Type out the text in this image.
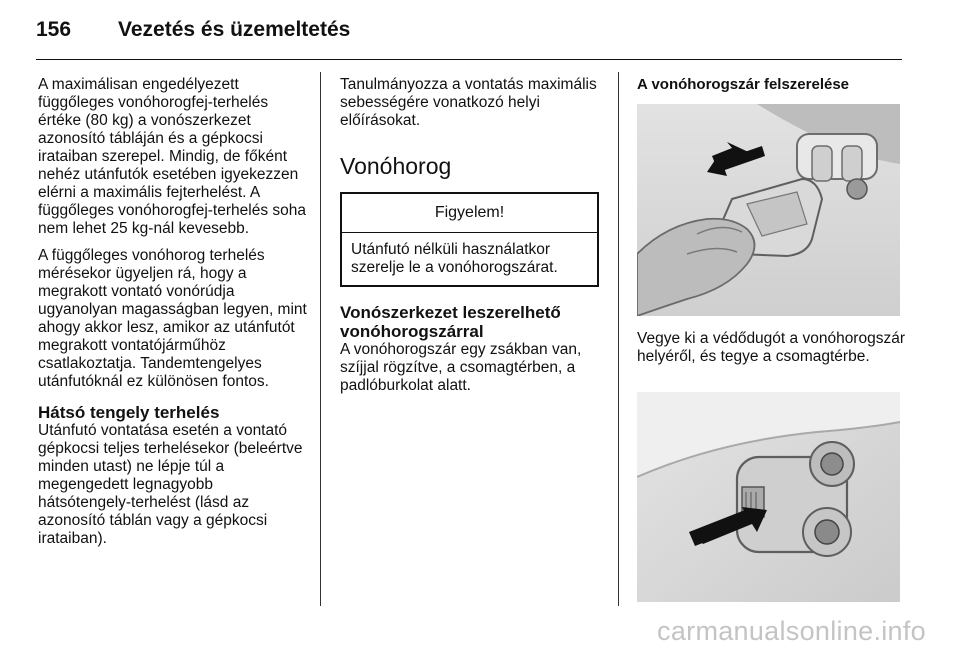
156 Vezetés és üzemeltetés

A maximálisan engedélyezett függőleges vonóhorogfej-terhelés értéke (80 kg) a vonószerkezet azonosító tábláján és a gépkocsi irataiban szerepel. Mindig, de főként nehéz utánfutók esetében igyekezzen elérni a maximális fejterhelést. A függőleges vonóhorogfej-terhelés soha nem lehet 25 kg-nál kevesebb.

A függőleges vonóhorog terhelés mérésekor ügyeljen rá, hogy a megrakott vontató vonórúdja ugyanolyan magasságban legyen, mint ahogy akkor lesz, amikor az utánfutót megrakott vontatójárműhöz csatlakoztatja. Tandemtengelyes utánfutóknál ez különösen fontos.

Hátsó tengely terhelés

Utánfutó vontatása esetén a vontató gépkocsi teljes terhelésekor (beleértve minden utast) ne lépje túl a megengedett legnagyobb hátsótengely-terhelést (lásd az azonosító táblán vagy a gépkocsi irataiban).

Tanulmányozza a vontatás maximális sebességére vonatkozó helyi előírásokat.

Vonóhorog
Figyelem!
Utánfutó nélküli használatkor szerelje le a vonóhorogszárat.
Vonószerkezet leszerelhető vonóhorogszárral

A vonóhorogszár egy zsákban van, szíjjal rögzítve, a csomagtérben, a padlóburkolat alatt.

A vonóhorogszár felszerelése
Vegye ki a védődugót a vonóhorogszár helyéről, és tegye a csomagtérbe.
carmanualsonline.info
